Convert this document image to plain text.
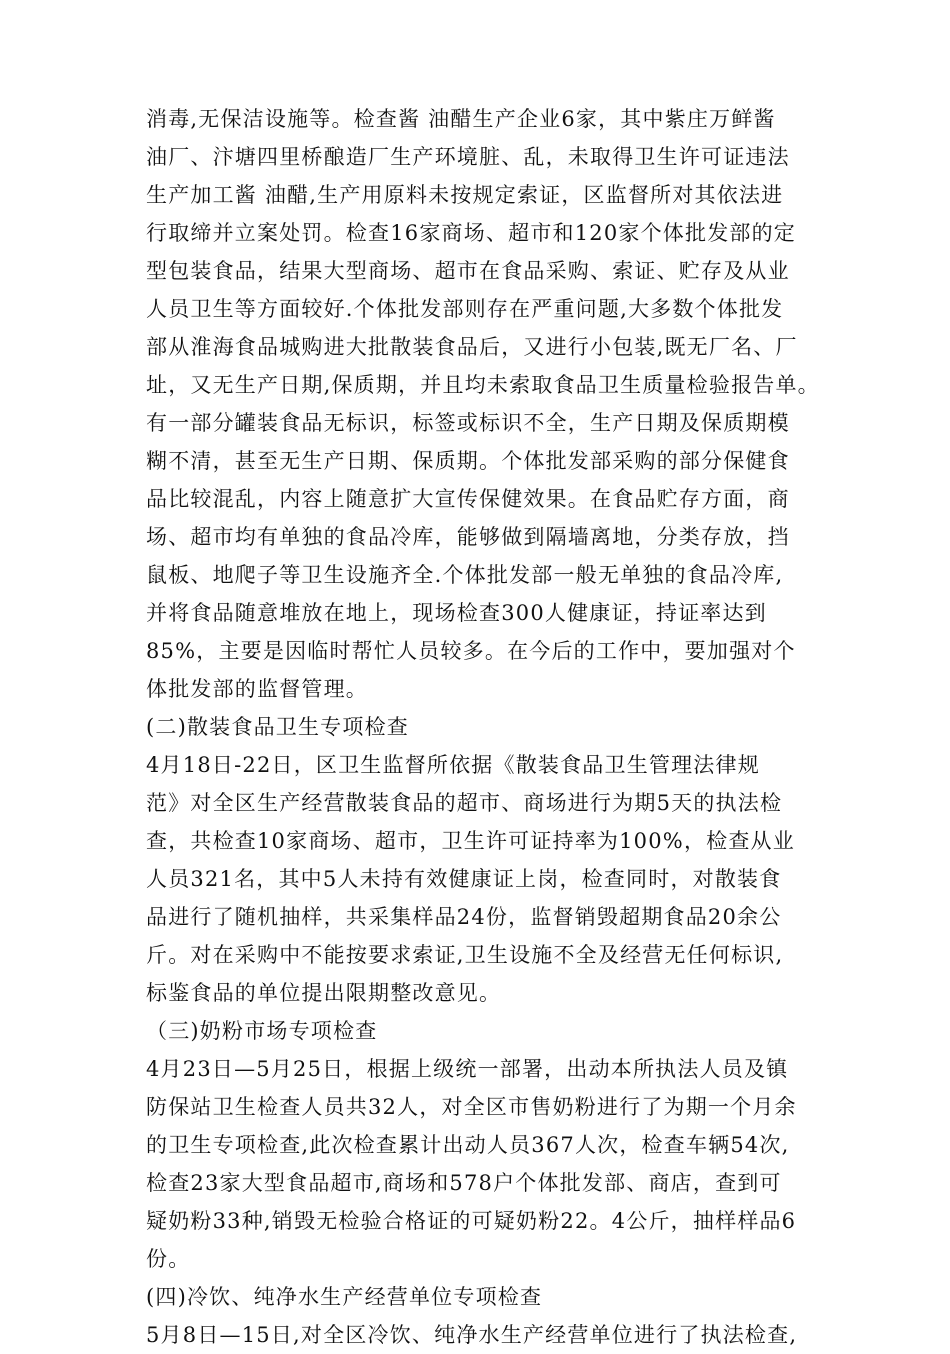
消毒,无保洁设施等。检查酱 油醋生产企业6家，其中紫庄万鲜酱
油厂、汴塘四里桥酿造厂生产环境脏、乱，未取得卫生许可证违法
生产加工酱 油醋,生产用原料未按规定索证，区监督所对其依法进
行取缔并立案处罚。检查16家商场、超市和120家个体批发部的定
型包装食品，结果大型商场、超市在食品采购、索证、贮存及从业
人员卫生等方面较好.个体批发部则存在严重问题,大多数个体批发
部从淮海食品城购进大批散装食品后，又进行小包装,既无厂名、厂
址，又无生产日期,保质期，并且均未索取食品卫生质量检验报告单。
有一部分罐装食品无标识，标签或标识不全，生产日期及保质期模
糊不清，甚至无生产日期、保质期。个体批发部采购的部分保健食
品比较混乱，内容上随意扩大宣传保健效果。在食品贮存方面，商
场、超市均有单独的食品冷库，能够做到隔墙离地，分类存放，挡
鼠板、地爬子等卫生设施齐全.个体批发部一般无单独的食品冷库,
并将食品随意堆放在地上，现场检查300人健康证，持证率达到
85%，主要是因临时帮忙人员较多。在今后的工作中，要加强对个
体批发部的监督管理。
(二)散装食品卫生专项检查
4月18日-22日，区卫生监督所依据《散装食品卫生管理法律规
范》对全区生产经营散装食品的超市、商场进行为期5天的执法检
查，共检查10家商场、超市，卫生许可证持率为100%，检查从业
人员321名，其中5人未持有效健康证上岗，检查同时，对散装食
品进行了随机抽样，共采集样品24份，监督销毁超期食品20余公
斤。对在采购中不能按要求索证,卫生设施不全及经营无任何标识,
标鉴食品的单位提出限期整改意见。
（三)奶粉市场专项检查
4月23日—5月25日，根据上级统一部署，出动本所执法人员及镇
防保站卫生检查人员共32人，对全区市售奶粉进行了为期一个月余
的卫生专项检查,此次检查累计出动人员367人次，检查车辆54次,
检查23家大型食品超市,商场和578户个体批发部、商店，查到可
疑奶粉33种,销毁无检验合格证的可疑奶粉22。4公斤，抽样样品6
份。
(四)冷饮、纯净水生产经营单位专项检查
5月8日—15日,对全区冷饮、纯净水生产经营单位进行了执法检查,
